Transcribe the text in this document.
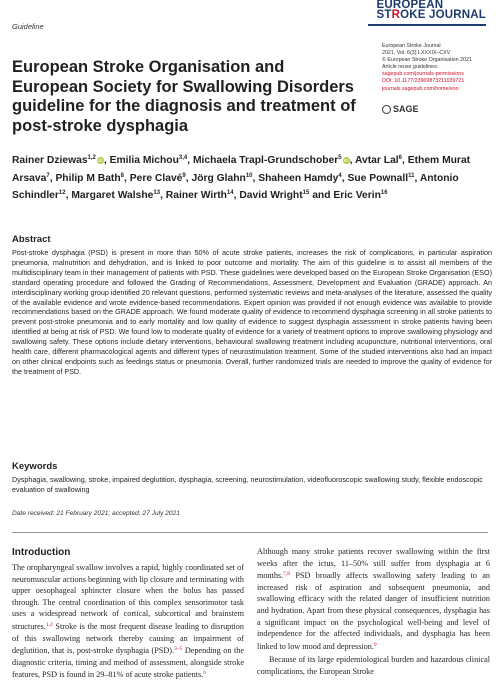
Guideline
EUROPEAN
STROKE JOURNAL
European Stroke Journal
2021, Vol. 6(3) LXXXIX–CXV
© European Stroke Organisation 2021
Article reuse guidelines:
sagepub.com/journals-permissions
DOI: 10.1177/23969873211039721
journals.sagepub.com/home/eso
SAGE
European Stroke Organisation and European Society for Swallowing Disorders guideline for the diagnosis and treatment of post-stroke dysphagia
Rainer Dziewas$^{1,2}$ iD, Emilia Michou$^{3,4}$, Michaela Trapl-Grundschober$^5$ iD, Avtar Lal$^6$, Ethem Murat Arsava$^7$, Philip M Bath$^8$, Pere Clavé$^9$, Jörg Glahn$^{10}$, Shaheen Hamdy$^4$, Sue Pownall$^{11}$, Antonio Schindler$^{12}$, Margaret Walshe$^{13}$, Rainer Wirth$^{14}$, David Wright$^{15}$ and Eric Verin$^{16}$
Abstract
Post-stroke dysphagia (PSD) is present in more than 50% of acute stroke patients, increases the risk of complications, in particular aspiration pneumonia, malnutrition and dehydration, and is linked to poor outcome and mortality. The aim of this guideline is to assist all members of the multidisciplinary team in their management of patients with PSD. These guidelines were developed based on the European Stroke Organisation (ESO) standard operating procedure and followed the Grading of Recommendations, Assessment, Development and Evaluation (GRADE) approach. An interdisciplinary working group identified 20 relevant questions, performed systematic reviews and meta-analyses of the literature, assessed the quality of the available evidence and wrote evidence-based recommendations. Expert opinion was provided if not enough evidence was available to provide recommendations based on the GRADE approach. We found moderate quality of evidence to recommend dysphagia screening in all stroke patients to prevent post-stroke pneumonia and to early mortality and low quality of evidence to suggest dysphagia assessment in stroke patients having been identified at being at risk of PSD. We found low to moderate quality of evidence for a variety of treatment options to improve swallowing physiology and swallowing safety. These options include dietary interventions, behavioural swallowing treatment including acupuncture, nutritional interventions, oral health care, different pharmacological agents and different types of neurostimulation treatment. Some of the studied interventions also had an impact on other clinical endpoints such as feedings status or pneumonia. Overall, further randomized trials are needed to improve the quality of evidence for the treatment of PSD.
Keywords
Dysphagia, swallowing, stroke, impaired deglutition, dysphagia, screening, neurostimulation, videofluoroscopic swallowing study, flexible endoscopic evaluation of swallowing
Date received: 21 February 2021; accepted: 27 July 2021
Introduction
The oropharyngeal swallow involves a rapid, highly coordinated set of neuromuscular actions beginning with lip closure and terminating with upper oesophageal sphincter closure when the bolus has passed through. The central coordination of this complex sensorimotor task uses a widespread network of cortical, subcortical and brainstem structures.$^{1,2}$ Stroke is the most frequent disease leading to disruption of this swallowing network thereby causing an impairment of deglutition, that is, post-stroke dysphagia (PSD).$^{3-5}$ Depending on the diagnostic criteria, timing and method of assessment, alongside stroke features, PSD is found in 29–81% of acute stroke patients.$^6$

Although many stroke patients recover swallowing within the first weeks after the ictus, 11–50% still suffer from dysphagia at 6 months.$^{7,8}$ PSD broadly affects swallowing safety leading to an increased risk of aspiration and subsequent pneumonia, and swallowing efficacy with the related danger of insufficient nutrition and hydration. Apart from these physical consequences, dysphagia has a significant impact on the psychological well-being and level of independence for the affected individuals, and dysphagia has been linked to low mood and depression.$^9$

Because of its large epidemiological burden and hazardous clinical complications, the European Stroke
